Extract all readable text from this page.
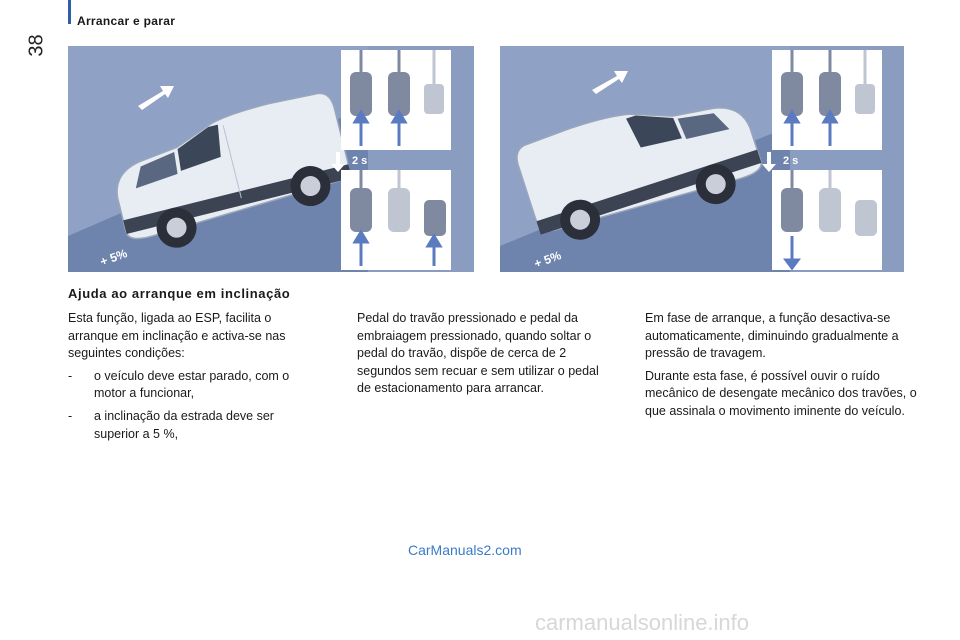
38
Arrancar e parar
+ 5%
2 s
+ 5%
2 s
Ajuda ao arranque em inclinação

Esta função, ligada ao ESP, facilita o arranque em inclinação e activa-se nas seguintes condições:

-	o veículo deve estar parado, com o motor a funcionar,
-	a inclinação da estrada deve ser superior a 5 %,

Pedal do travão pressionado e pedal da embraiagem pressionado, quando soltar o pedal do travão, dispõe de cerca de 2 segundos sem recuar e sem utilizar o pedal de estacionamento para arrancar.

Em fase de arranque, a função desactiva-se automaticamente, diminuindo gradualmente a pressão de travagem.

Durante esta fase, é possível ouvir o ruído mecânico de desengate mecânico dos travões, o que assinala o movimento iminente do veículo.

CarManuals2.com
carmanualsonline.info
